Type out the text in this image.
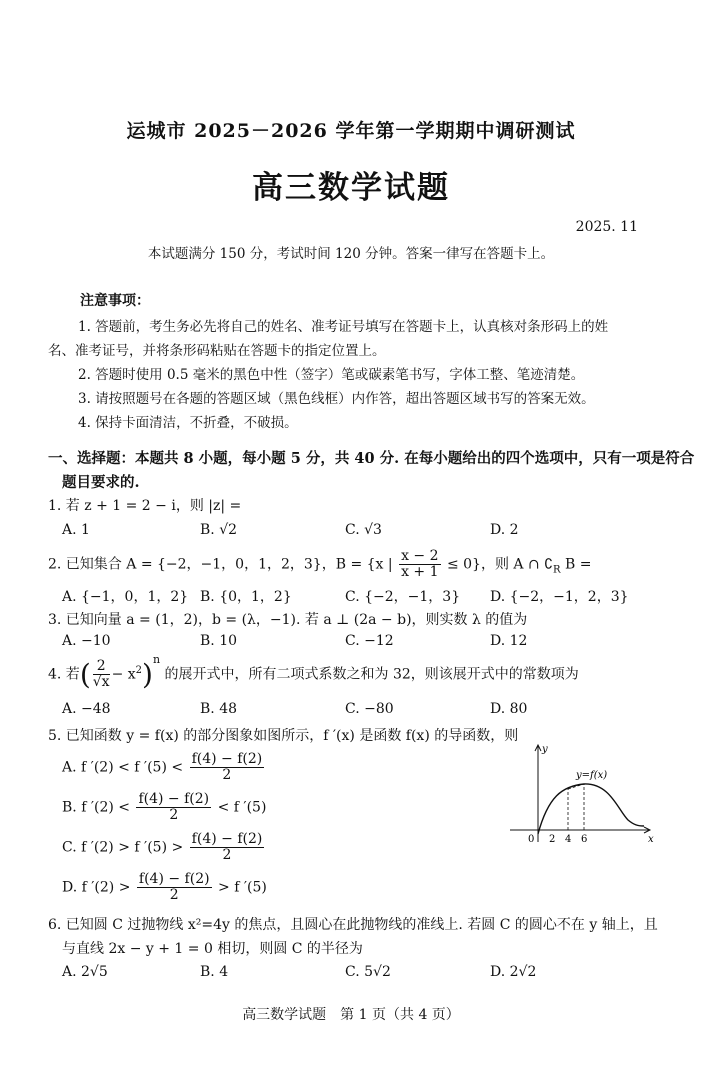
运城市 2025－2026 学年第一学期期中调研测试
高三数学试题
2025. 11
本试题满分 150 分，考试时间 120 分钟。答案一律写在答题卡上。
注意事项：
1. 答题前，考生务必先将自己的姓名、准考证号填写在答题卡上，认真核对条形码上的姓
名、准考证号，并将条形码粘贴在答题卡的指定位置上。
2. 答题时使用 0.5 毫米的黑色中性（签字）笔或碳素笔书写，字体工整、笔迹清楚。
3. 请按照题号在各题的答题区域（黑色线框）内作答，超出答题区域书写的答案无效。
4. 保持卡面清洁，不折叠，不破损。
一、选择题：本题共 8 小题，每小题 5 分，共 40 分. 在每小题给出的四个选项中，只有一项是符合
题目要求的.
1. 若 z + 1 = 2 − i，则 |z| =
A. 1	B. √2	C. √3	D. 2
2. 已知集合 A = {−2，−1，0，1，2，3}，B = {x | $\frac{x - 2}{x + 1} \le 0$}，则 A ∩ $∁_R$ B =
A. {−1，0，1，2} B. {0，1，2}	C. {−2，−1，3} D. {−2，−1，2，3}
3. 已知向量 a = (1，2)，b = (λ，−1). 若 a ⊥ (2a − b)，则实数 λ 的值为
A. −10	B. 10	C. −12	D. 12
4. 若( $\frac{2}{√x} - x^2)^n$ 的展开式中，所有二项式系数之和为 32，则该展开式中的常数项为
A. −48	B. 48	C. −80	D. 80
5. 已知函数 y = f(x) 的部分图象如图所示，f ′(x) 是函数 f(x) 的导函数，则
A. f ′(2) < f $'(5) < \frac{f(4) - f(2)}{2}$
B. f $'(2) < \frac{f(4) - f(2)}{2} < f$ ′(5)
C. f ′(2) > f $'(5) > \frac{f(4) - f(2)}{2}$
D. f $'(2) > \frac{f(4) - f(2)}{2} > f$ ′(5)
y
x
0 2 4 6
y=f(x)
6. 已知圆 C 过抛物线 x²=4y 的焦点，且圆心在此抛物线的准线上. 若圆 C 的圆心不在 y 轴上，且
与直线 2x − y + 1 = 0 相切，则圆 C 的半径为
A. 2√5	B. 4	C. 5√2	D. 2√2
高三数学试题　第 1 页（共 4 页）
